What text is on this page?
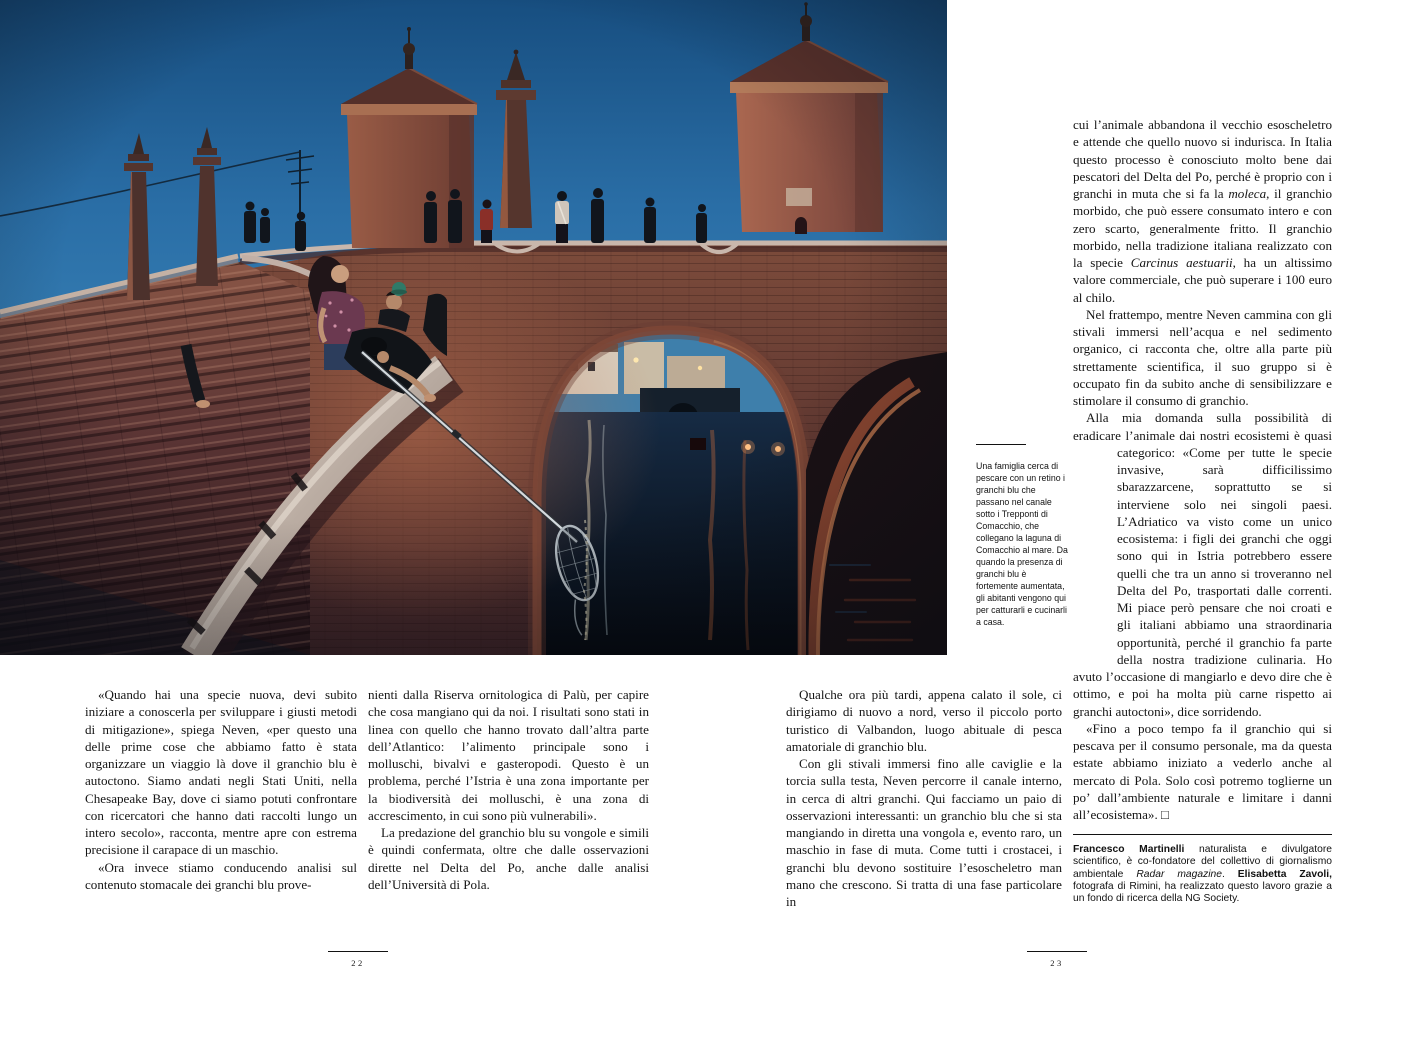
Una famiglia cerca di pescare con un retino i granchi blu che passano nel canale sotto i Trepponti di Comacchio, che collegano la laguna di Comacchio al mare. Da quando la presenza di granchi blu è fortemente aumentata, gli abitanti vengono qui per catturarli e cucinarli a casa.

cui l’animale abbandona il vecchio esoscheletro e attende che quello nuovo si indurisca. In Italia questo processo è conosciuto molto bene dai pescatori del Delta del Po, perché è proprio con i granchi in muta che si fa la moleca, il granchio morbido, che può essere consumato intero e con zero scarto, generalmente fritto. Il granchio morbido, nella tradizione italiana realizzato con la specie Carcinus aestuarii, ha un altissimo valore commerciale, che può superare i 100 euro al chilo.

Nel frattempo, mentre Neven cammina con gli stivali immersi nell’acqua e nel sedimento organico, ci racconta che, oltre alla parte più strettamente scientifica, il suo gruppo si è occupato fin da subito anche di sensibilizzare e stimolare il consumo di granchio.

Alla mia domanda sulla possibilità di eradicare l’animale dai nostri ecosistemi è quasi
categorico: «Come per tutte le specie invasive, sarà difficilissimo sbarazzarcene, soprattutto se si interviene solo nei singoli paesi. L’Adriatico va visto come un unico ecosistema: i figli dei granchi che oggi sono qui in Istria potrebbero essere quelli che tra un anno si troveranno nel Delta del Po, trasportati dalle correnti. Mi piace però pensare che noi croati e gli italiani abbiamo una straordinaria opportunità, perché il granchio fa parte della nostra tradizione culinaria. Ho avuto l’occasione di mangiarlo e devo dire che è ottimo, e poi ha molta più carne rispetto ai granchi autoctoni», dice sorridendo.

«Fino a poco tempo fa il granchio qui si pescava per il consumo personale, ma da questa estate abbiamo iniziato a vederlo anche al mercato di Pola. Solo così potremo toglierne un po’ dall’ambiente naturale e limitare i danni all’ecosistema». □

Francesco Martinelli naturalista e divulgatore scientifico, è co-fondatore del collettivo di giornalismo ambientale Radar magazine. Elisabetta Zavoli, fotografa di Rimini, ha realizzato questo lavoro grazie a un fondo di ricerca della NG Society.

«Quando hai una specie nuova, devi subito iniziare a conoscerla per sviluppare i giusti metodi di mitigazione», spiega Neven, «per questo una delle prime cose che abbiamo fatto è stata organizzare un viaggio là dove il granchio blu è autoctono. Siamo andati negli Stati Uniti, nella Chesapeake Bay, dove ci siamo potuti confrontare con ricercatori che hanno dati raccolti lungo un intero secolo», racconta, mentre apre con estrema precisione il carapace di un maschio.

«Ora invece stiamo conducendo analisi sul contenuto stomacale dei granchi blu prove-

nienti dalla Riserva ornitologica di Palù, per capire che cosa mangiano qui da noi. I risultati sono stati in linea con quello che hanno trovato dall’altra parte dell’Atlantico: l’alimento principale sono i molluschi, bivalvi e gasteropodi. Questo è un problema, perché l’Istria è una zona importante per la biodiversità dei molluschi, è una zona di accrescimento, in cui sono più vulnerabili».

La predazione del granchio blu su vongole e simili è quindi confermata, oltre che dalle osservazioni dirette nel Delta del Po, anche dalle analisi dell’Università di Pola.

Qualche ora più tardi, appena calato il sole, ci dirigiamo di nuovo a nord, verso il piccolo porto turistico di Valbandon, luogo abituale di pesca amatoriale di granchio blu.

Con gli stivali immersi fino alle caviglie e la torcia sulla testa, Neven percorre il canale interno, in cerca di altri granchi. Qui facciamo un paio di osservazioni interessanti: un granchio blu che si sta mangiando in diretta una vongola e, evento raro, un maschio in fase di muta. Come tutti i crostacei, i granchi blu devono sostituire l’esoscheletro man mano che crescono. Si tratta di una fase particolare in

22	23
